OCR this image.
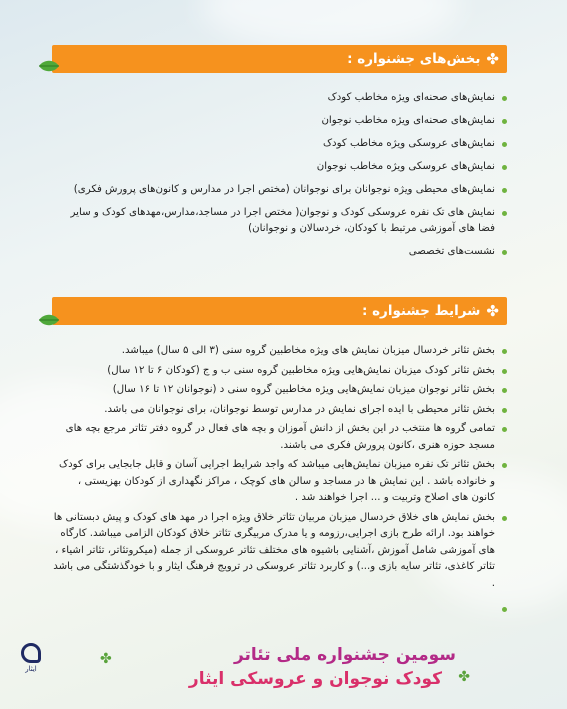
✤
بخش‌های جشنواره :
نمایش‌های صحنه‌ای ویژه مخاطب کودک
نمایش‌های صحنه‌ای ویژه مخاطب نوجوان
نمایش‌های عروسکی ویژه مخاطب کودک
نمایش‌های عروسکی ویژه مخاطب نوجوان
نمایش‌های محیطی ویژه نوجوانان برای نوجوانان (مختص اجرا در مدارس و کانون‌های پرورش فکری)
نمایش های تک نفره عروسکی کودک و نوجوان( مختص اجرا در مساجد،مدارس،مهدهای کودک و سایر فضا های آموزشی مرتبط با کودکان، خردسالان و نوجوانان)
نشست‌های تخصصی
✤
شرایط جشنواره :
بخش تئاتر خردسال میزبان نمایش های ویژه مخاطبین گروه سنی (۳ الی ۵ سال) میباشد.
بخش تئاتر کودک میزبان نمایش‌هایی ویژه مخاطبین گروه سنی ب و ج (کودکان ۶ تا ۱۲ سال)
بخش تئاتر نوجوان میزبان نمایش‌هایی ویژه مخاطبین گروه سنی د (نوجوانان ۱۲ تا ۱۶ سال)
بخش تئاتر محیطی با ایده اجرای نمایش در مدارس توسط نوجوانان، برای نوجوانان می باشد.
تمامی گروه ها منتخب در این بخش از دانش آموزان و بچه های فعال در گروه دفتر تئاتر مرجع بچه های مسجد حوزه هنری ،کانون پرورش فکری می باشند.
بخش تئاتر تک نفره میزبان نمایش‌هایی میباشد که واجد شرایط اجرایی آسان و قابل جابجایی برای کودک و خانواده باشد . این نمایش ها در مساجد و سالن های کوچک ، مراکز نگهداری از کودکان بهزیستی ، کانون های اصلاح وتربیت و ... اجرا خواهند شد .
بخش نمایش های خلاق خردسال میزبان مربیان تئاتر خلاق ویژه اجرا در مهد های کودک و پیش دبستانی ها خواهند بود. ارائه طرح بازی اجرایی،رزومه و یا مدرک مربیگری تئاتر خلاق کودکان الزامی میباشد. کارگاه های آموزشی شامل آموزش ،آشنایی باشیوه های مختلف تئاتر عروسکی از جمله (میکروتئاتر، تئاتر اشیاء ، تئاتر کاغذی، تئاتر سایه بازی و...) و کاربرد تئاتر عروسکی در ترویج فرهنگ ایثار و با خودگذشتگی می باشد .
✤
سومین جشنواره ملی تئاتر
کودک نوجوان و عروسکی ایثار
✤
ایثار
